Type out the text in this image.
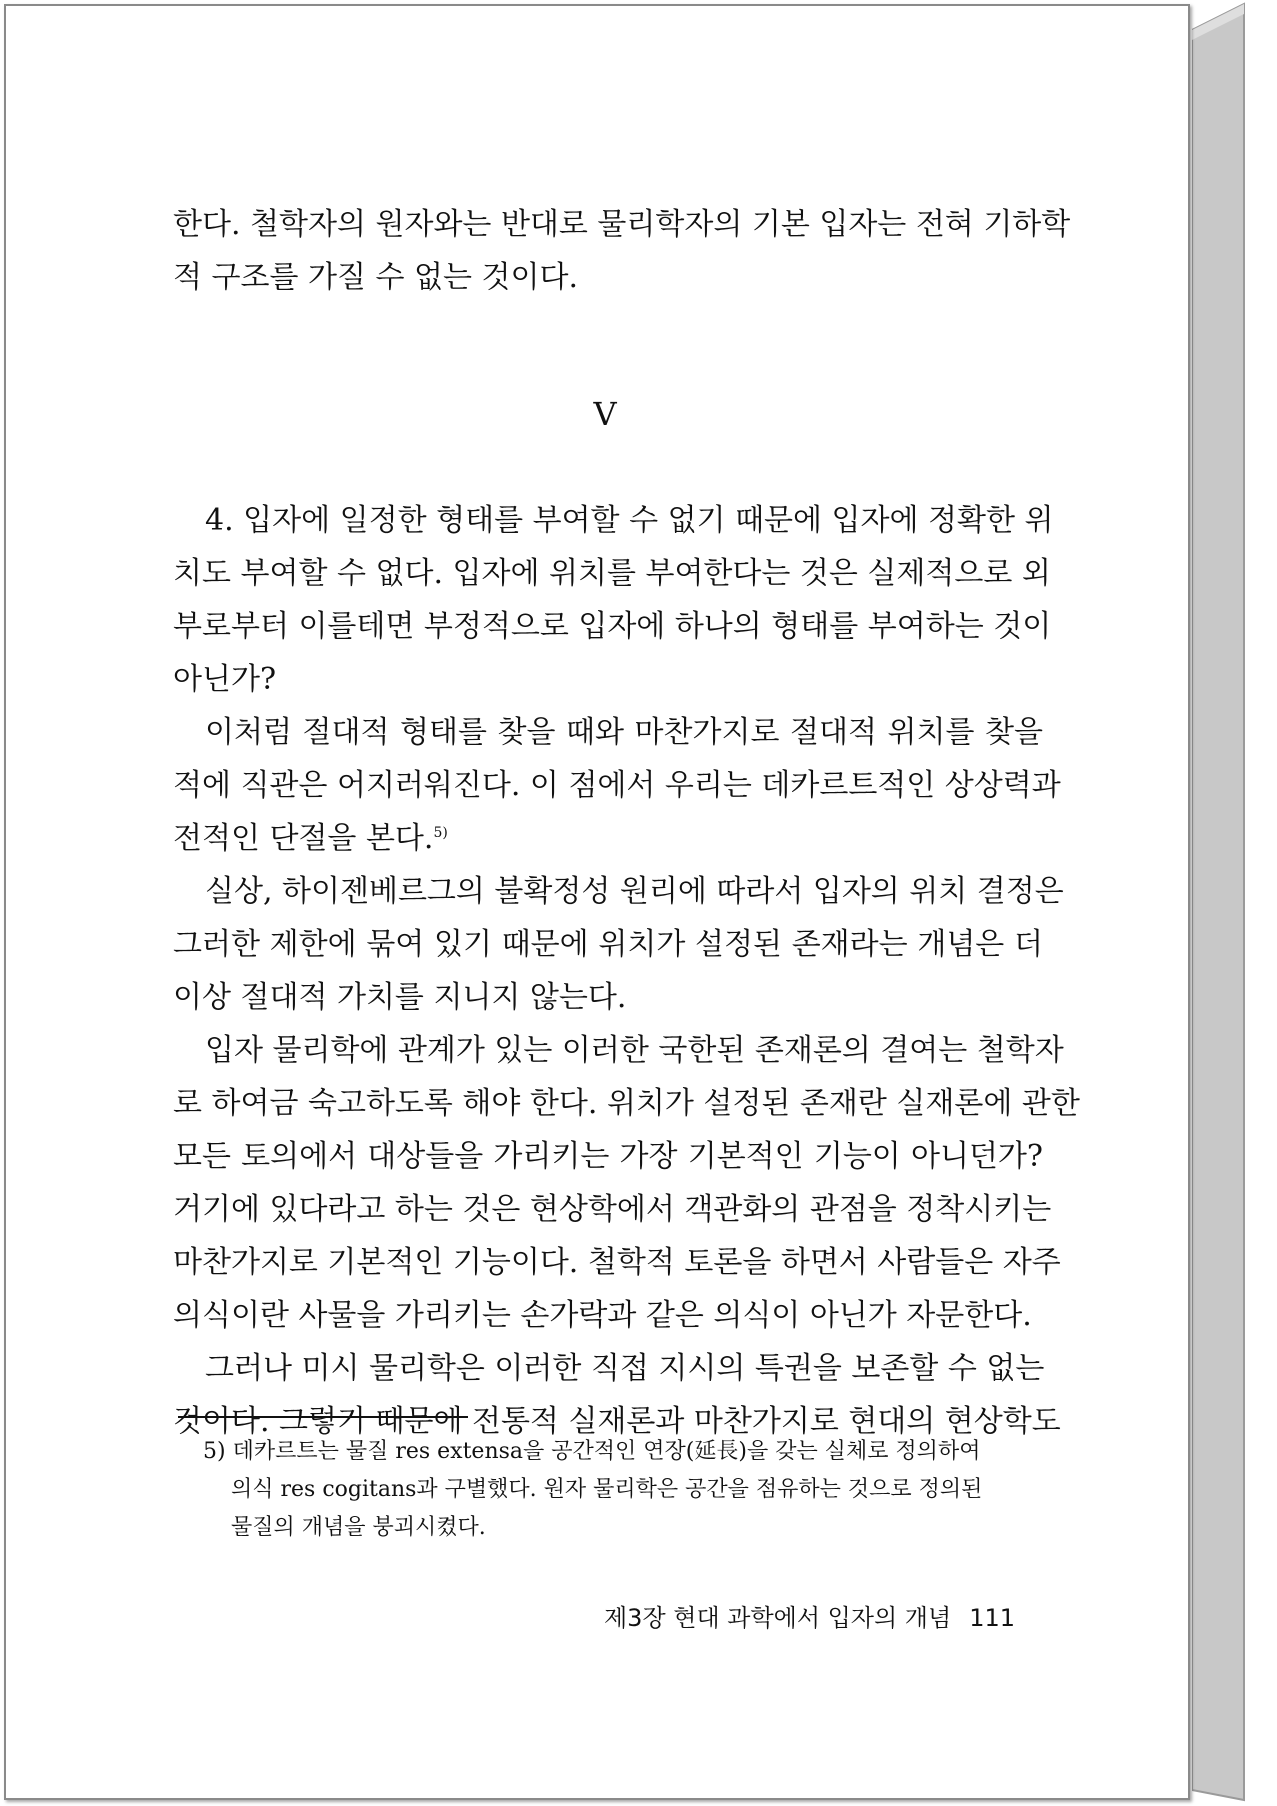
한다. 철학자의 원자와는 반대로 물리학자의 기본 입자는 전혀 기하학
적 구조를 가질 수 없는 것이다.
V
4. 입자에 일정한 형태를 부여할 수 없기 때문에 입자에 정확한 위
치도 부여할 수 없다. 입자에 위치를 부여한다는 것은 실제적으로 외
부로부터 이를테면 부정적으로 입자에 하나의 형태를 부여하는 것이
아닌가?
이처럼 절대적 형태를 찾을 때와 마찬가지로 절대적 위치를 찾을
적에 직관은 어지러워진다. 이 점에서 우리는 데카르트적인 상상력과
전적인 단절을 본다.$^{5)}$
실상, 하이젠베르그의 불확정성 원리에 따라서 입자의 위치 결정은
그러한 제한에 묶여 있기 때문에 위치가 설정된 존재라는 개념은 더
이상 절대적 가치를 지니지 않는다.
입자 물리학에 관계가 있는 이러한 국한된 존재론의 결여는 철학자
로 하여금 숙고하도록 해야 한다. 위치가 설정된 존재란 실재론에 관한
모든 토의에서 대상들을 가리키는 가장 기본적인 기능이 아니던가?
거기에 있다라고 하는 것은 현상학에서 객관화의 관점을 정착시키는
마찬가지로 기본적인 기능이다. 철학적 토론을 하면서 사람들은 자주
의식이란 사물을 가리키는 손가락과 같은 의식이 아닌가 자문한다.
그러나 미시 물리학은 이러한 직접 지시의 특권을 보존할 수 없는
것이다. 그렇기 때문에 전통적 실재론과 마찬가지로 현대의 현상학도
5) 데카르트는 물질 res extensa을 공간적인 연장(延長)을 갖는 실체로 정의하여
의식 res cogitans과 구별했다. 원자 물리학은 공간을 점유하는 것으로 정의된
물질의 개념을 붕괴시켰다.
제3장 현대 과학에서 입자의 개념 111
